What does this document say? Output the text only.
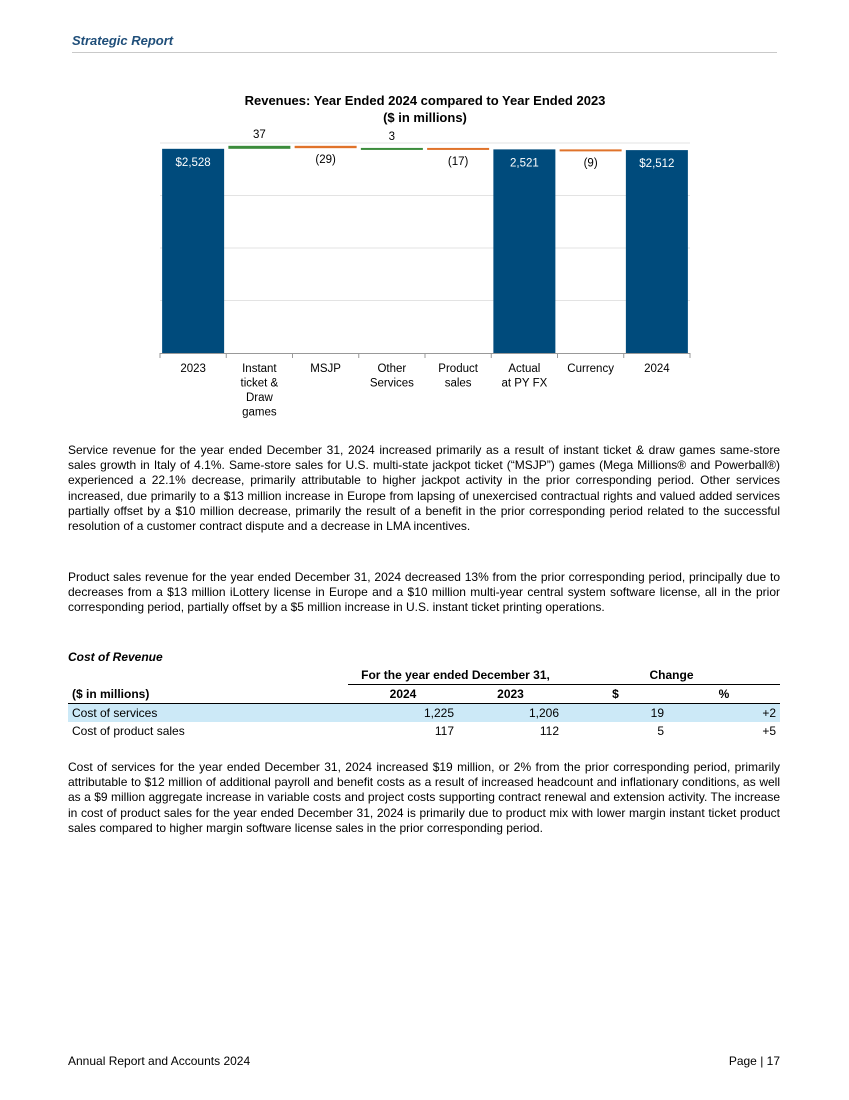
Strategic Report
Revenues: Year Ended 2024 compared to Year Ended 2023
($ in millions)
$2,528
2023
37
Instant ticket & Draw games
(29)
MSJP
3
Other Services
(17)
Product sales
2,521
Actual at PY FX
(9)
Currency
$2,512
2024

Service revenue for the year ended December 31, 2024 increased primarily as a result of instant ticket & draw games same-store sales growth in Italy of 4.1%. Same-store sales for U.S. multi-state jackpot ticket (“MSJP”) games (Mega Millions® and Powerball®) experienced a 22.1% decrease, primarily attributable to higher jackpot activity in the prior corresponding period. Other services increased, due primarily to a $13 million increase in Europe from lapsing of unexercised contractual rights and valued added services partially offset by a $10 million decrease, primarily the result of a benefit in the prior corresponding period related to the successful resolution of a customer contract dispute and a decrease in LMA incentives.

Product sales revenue for the year ended December 31, 2024 decreased 13% from the prior corresponding period, principally due to decreases from a $13 million iLottery license in Europe and a $10 million multi-year central system software license, all in the prior corresponding period, partially offset by a $5 million increase in U.S. instant ticket printing operations.

Cost of Revenue
	For the year ended December 31,		Change	
($ in millions)	2024	2023	$	%
Cost of services	1,225	1,206	19	+2
Cost of product sales	117	112	5	+5

Cost of services for the year ended December 31, 2024 increased $19 million, or 2% from the prior corresponding period, primarily attributable to $12 million of additional payroll and benefit costs as a result of increased headcount and inflationary conditions, as well as a $9 million aggregate increase in variable costs and project costs supporting contract renewal and extension activity. The increase in cost of product sales for the year ended December 31, 2024 is primarily due to product mix with lower margin instant ticket product sales compared to higher margin software license sales in the prior corresponding period.

Annual Report and Accounts 2024	Page | 17
